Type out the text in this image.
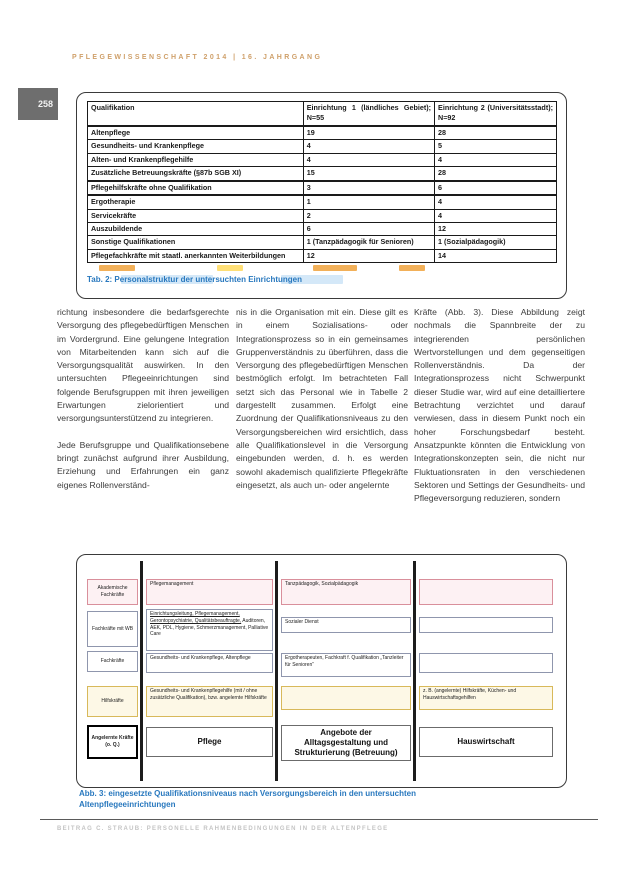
PFLEGEWISSENSCHAFT 2014 | 16. JAHRGANG
258	Qualifikation	Einrichtung 1 (ländliches Gebiet); N=55	Einrichtung 2 (Universitätsstadt); N=92
Altenpflege	19	28
Gesundheits- und Krankenpflege	4	5
Alten- und Krankenpflegehilfe	4	4
Zusätzliche Betreuungskräfte (§87b SGB XI)	15	28
Pflegehilfskräfte ohne Qualifikation	3	6
Ergotherapie	1	4
Servicekräfte	2	4
Auszubildende	6	12
Sonstige Qualifikationen	1 (Tanzpädagogik für Senioren)	1 (Sozialpädagogik)
Pflegefachkräfte mit staatl. anerkannten Weiterbildungen	12	14
Tab. 2: Personalstruktur der untersuchten Einrichtungen

richtung insbesondere die bedarfsgerechte Versorgung des pflegebedürftigen Menschen im Vordergrund. Eine gelungene Integration von Mitarbeitenden kann sich auf die Versorgungsqualität auswirken. In den untersuchten Pflegeeinrichtungen sind folgende Berufsgruppen mit ihren jeweiligen Erwartungen zielorientiert und versorgungsunterstützend zu integrieren.

Jede Berufsgruppe und Qualifikationsebene bringt zunächst aufgrund ihrer Ausbildung, Erziehung und Erfahrungen ein ganz eigenes Rollenverständ-

nis in die Organisation mit ein. Diese gilt es in einem Sozialisations- oder Integrationsprozess so in ein gemeinsames Gruppenverständnis zu überführen, dass die Versorgung des pflegebedürftigen Menschen bestmöglich erfolgt. Im betrachteten Fall setzt sich das Personal wie in Tabelle 2 dargestellt zusammen. Erfolgt eine Zuordnung der Qualifikationsniveaus zu den Versorgungsbereichen wird ersichtlich, dass alle Qualifikationslevel in die Versorgung eingebunden werden, d. h. es werden sowohl akademisch qualifizierte Pflegekräfte eingesetzt, als auch un- oder angelernte

Kräfte (Abb. 3). Diese Abbildung zeigt nochmals die Spannbreite der zu integrierenden persönlichen Wertvorstellungen und dem gegenseitigen Rollenverständnis. Da der Integrationsprozess nicht Schwerpunkt dieser Studie war, wird auf eine detailliertere Betrachtung verzichtet und darauf verwiesen, dass in diesem Punkt noch ein hoher Forschungsbedarf besteht. Ansatzpunkte könnten die Entwicklung von Integrationskonzepten sein, die nicht nur Fluktuationsraten in den verschiedenen Sektoren und Settings der Gesundheits- und Pflegeversorgung reduzieren, sondern

Akademische Fachkräfte
Fachkräfte mit WB
Fachkräfte
Hilfskräfte
Angelernte Kräfte (o. Q.)
Pflegemanagement
Einrichtungsleitung, Pflegemanagement, Gerontopsychiatrie, Qualitätsbeauftragte, Auditoren, AEK, PDL, Hygiene, Schmerzmanagement, Palliative Care
Gesundheits- und Krankenpflege, Altenpflege
Gesundheits- und Krankenpflegehilfe (mit / ohne zusätzliche Qualifikation), bzw. angelernte Hilfskräfte
Pflege
Tanzpädagogik, Sozialpädagogik
Sozialer Dienst
Ergotherapeuten, Fachkraft f. Qualifikation „Tanzleiter für Senioren“
Angebote der Alltagsgestaltung und Strukturierung (Betreuung)
z. B. (angelernte) Hilfskräfte, Küchen- und Hauswirtschaftsgehilfen
Hauswirtschaft
Abb. 3: eingesetzte Qualifikationsniveaus nach Versorgungsbereich in den untersuchten Altenpflegeeinrichtungen
BEITRAG C. STRAUB: PERSONELLE RAHMENBEDINGUNGEN IN DER ALTENPFLEGE
